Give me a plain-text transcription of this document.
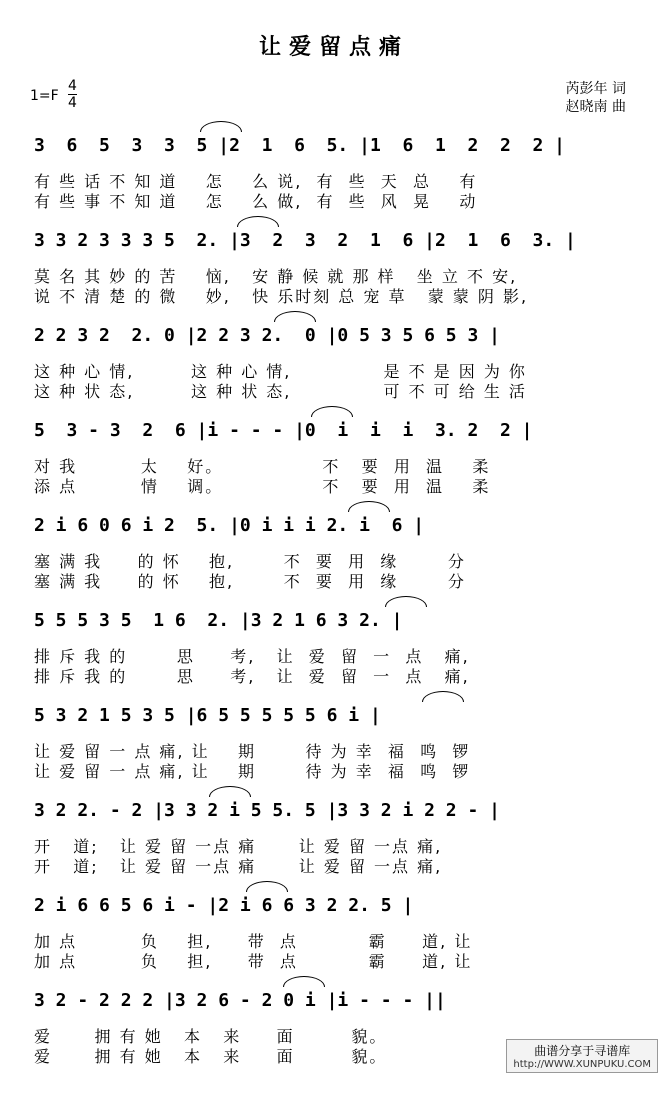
让爱留点痛
$1=F \frac{4}{4}$	芮彭年 词
赵晓南 曲
3  6  5  3  3  5 |2  1  6  5. |1  6  1  2  2  2 |
有 些 话 不 知 道    怎    么 说,  有  些  天  总    有
有 些 事 不 知 道    怎    么 做,  有  些  风  晃    动
3 3 2 3 3 3 5  2. |3  2  3  2  1  6 |2  1  6  3. |
莫 名 其 妙 的 苦    恼,   安 静 候 就 那 样   坐 立 不 安,
说 不 清 楚 的 微    妙,   快 乐时刻 总 宠 草   蒙 蒙 阴 影,
2 2 3 2  2. 0 |2 2 3 2.  0 |0 5 3 5 6 5 3 |
这 种 心 情,        这 种 心 情,             是 不 是 因 为 你
这 种 状 态,        这 种 状 态,             可 不 可 给 生 活
5  3 - 3  2  6 |i - - - |0  i  i  i  3. 2  2 |
对 我         太    好。              不   要  用  温    柔
添 点         情    调。              不   要  用  温    柔
2 i 6 0 6 i 2  5. |0 i i i 2. i  6 |
塞 满 我     的 怀    抱,       不  要  用  缘       分
塞 满 我     的 怀    抱,       不  要  用  缘       分
5 5 5 3 5  1 6  2. |3 2 1 6 3 2. |
排 斥 我 的       思     考,   让  爱  留  一  点   痛,
排 斥 我 的       思     考,   让  爱  留  一  点   痛,
5 3 2 1 5 3 5 |6 5 5 5 5 5 6 i |
让 爱 留 一 点 痛, 让    期       待 为 幸  福  鸣  锣
让 爱 留 一 点 痛, 让    期       待 为 幸  福  鸣  锣
3 2 2. - 2 |3 3 2 i 5 5. 5 |3 3 2 i 2 2 - |
开   道;   让 爱 留 一点 痛      让 爱 留 一点 痛,
开   道;   让 爱 留 一点 痛      让 爱 留 一点 痛,
2 i 6 6 5 6 i - |2 i 6 6 3 2 2. 5 |
加 点         负    担,     带  点          霸     道, 让
加 点         负    担,     带  点          霸     道, 让
3 2 - 2 2 2 |3 2 6 - 2 0 i |i - - - ||
爱      拥 有 她   本   来     面        貌。
爱      拥 有 她   本   来     面        貌。	曲谱分享于寻谱库
http://WWW.XUNPUKU.COM
